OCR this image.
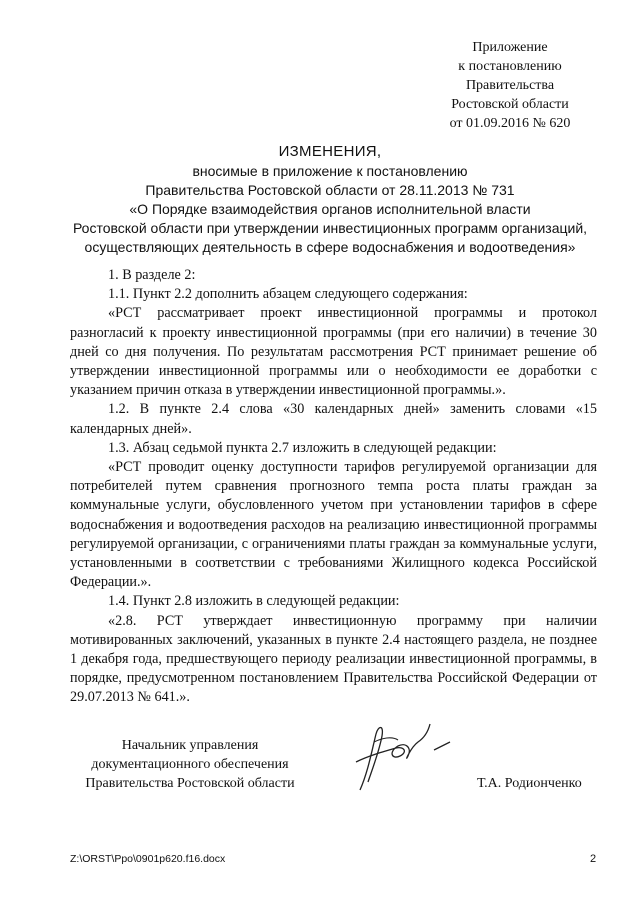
Приложение
к постановлению
Правительства
Ростовской области
от 01.09.2016 № 620
ИЗМЕНЕНИЯ,
вносимые в приложение к постановлению
Правительства Ростовской области от 28.11.2013 № 731
«О Порядке взаимодействия органов исполнительной власти
Ростовской области при утверждении инвестиционных программ организаций,
осуществляющих деятельность в сфере водоснабжения и водоотведения»

1. В разделе 2:

1.1. Пункт 2.2 дополнить абзацем следующего содержания:

«РСТ рассматривает проект инвестиционной программы и протокол разногласий к проекту инвестиционной программы (при его наличии) в течение 30 дней со дня получения. По результатам рассмотрения РСТ принимает решение об утверждении инвестиционной программы или о необходимости ее доработки с указанием причин отказа в утверждении инвестиционной программы.».

1.2. В пункте 2.4 слова «30 календарных дней» заменить словами «15 календарных дней».

1.3. Абзац седьмой пункта 2.7 изложить в следующей редакции:

«РСТ проводит оценку доступности тарифов регулируемой организации для потребителей путем сравнения прогнозного темпа роста платы граждан за коммунальные услуги, обусловленного учетом при установлении тарифов в сфере водоснабжения и водоотведения расходов на реализацию инвестиционной программы регулируемой организации, с ограничениями платы граждан за коммунальные услуги, установленными в соответствии с требованиями Жилищного кодекса Российской Федерации.».

1.4. Пункт 2.8 изложить в следующей редакции:

«2.8. РСТ утверждает инвестиционную программу при наличии мотивированных заключений, указанных в пункте 2.4 настоящего раздела, не позднее 1 декабря года, предшествующего периоду реализации инвестиционной программы, в порядке, предусмотренном постановлением Правительства Российской Федерации от 29.07.2013 № 641.».

Начальник управления
документационного обеспечения
Правительства Ростовской области	Т.А. Родионченко
Z:\ORST\Ppo\0901p620.f16.docx	2
